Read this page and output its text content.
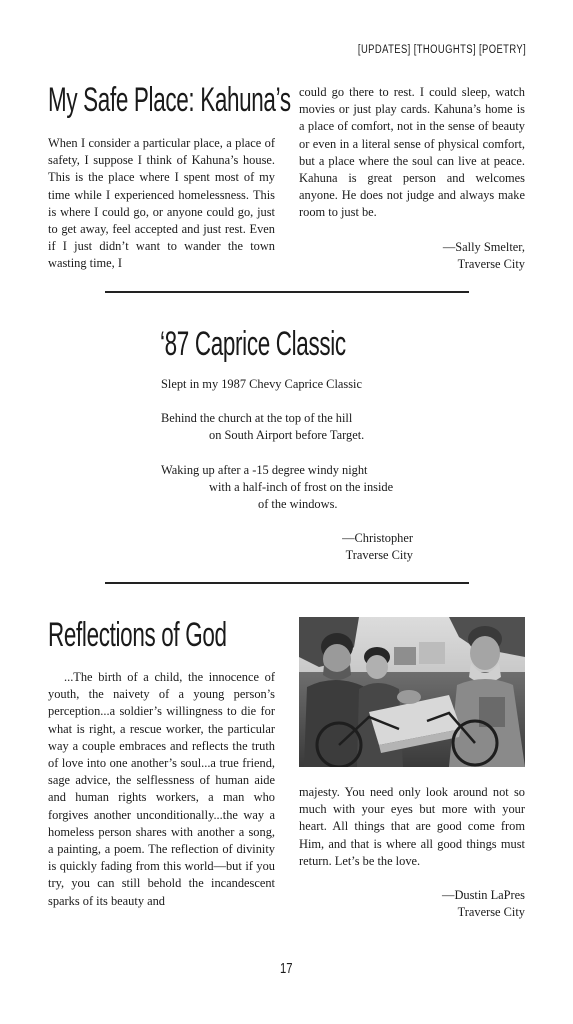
[UPDATES] [THOUGHTS] [POETRY]
My Safe Place: Kahuna’s

When I consider a particular place, a place of safety, I suppose I think of Kahuna’s house. This is the place where I spent most of my time while I experienced homelessness. This is where I could go, or anyone could go, just to get away, feel accepted and just rest. Even if I just didn’t want to wander the town wasting time, I

could go there to rest. I could sleep, watch movies or just play cards. Kahuna’s home is a place of comfort, not in the sense of beauty or even in a literal sense of physical comfort, but a place where the soul can live at peace. Kahuna is great person and welcomes anyone. He does not judge and always make room to just be.

—Sally Smelter,

Traverse City

‘87 Caprice Classic
Slept in my 1987 Chevy Caprice Classic
Behind the church at the top of the hill
on South Airport before Target.
Waking up after a -15 degree windy night
with a half-inch of frost on the inside
of the windows.
—Christopher
Traverse City
Reflections of God

...The birth of a child, the innocence of youth, the naivety of a young person’s perception...a soldier’s willingness to die for what is right, a rescue worker, the particular way a couple embraces and reflects the truth of love into one another’s soul...a true friend, sage advice, the selflessness of human aide and human rights workers, a man who forgives another unconditionally...the way a homeless person shares with another a song, a painting, a poem. The reflection of divinity is quickly fading from this world—but if you try, you can still behold the incandescent sparks of its beauty and

majesty. You need only look around not so much with your eyes but more with your heart. All things that are good come from Him, and that is where all good things must return. Let’s be the love.

—Dustin LaPres

Traverse City

17
